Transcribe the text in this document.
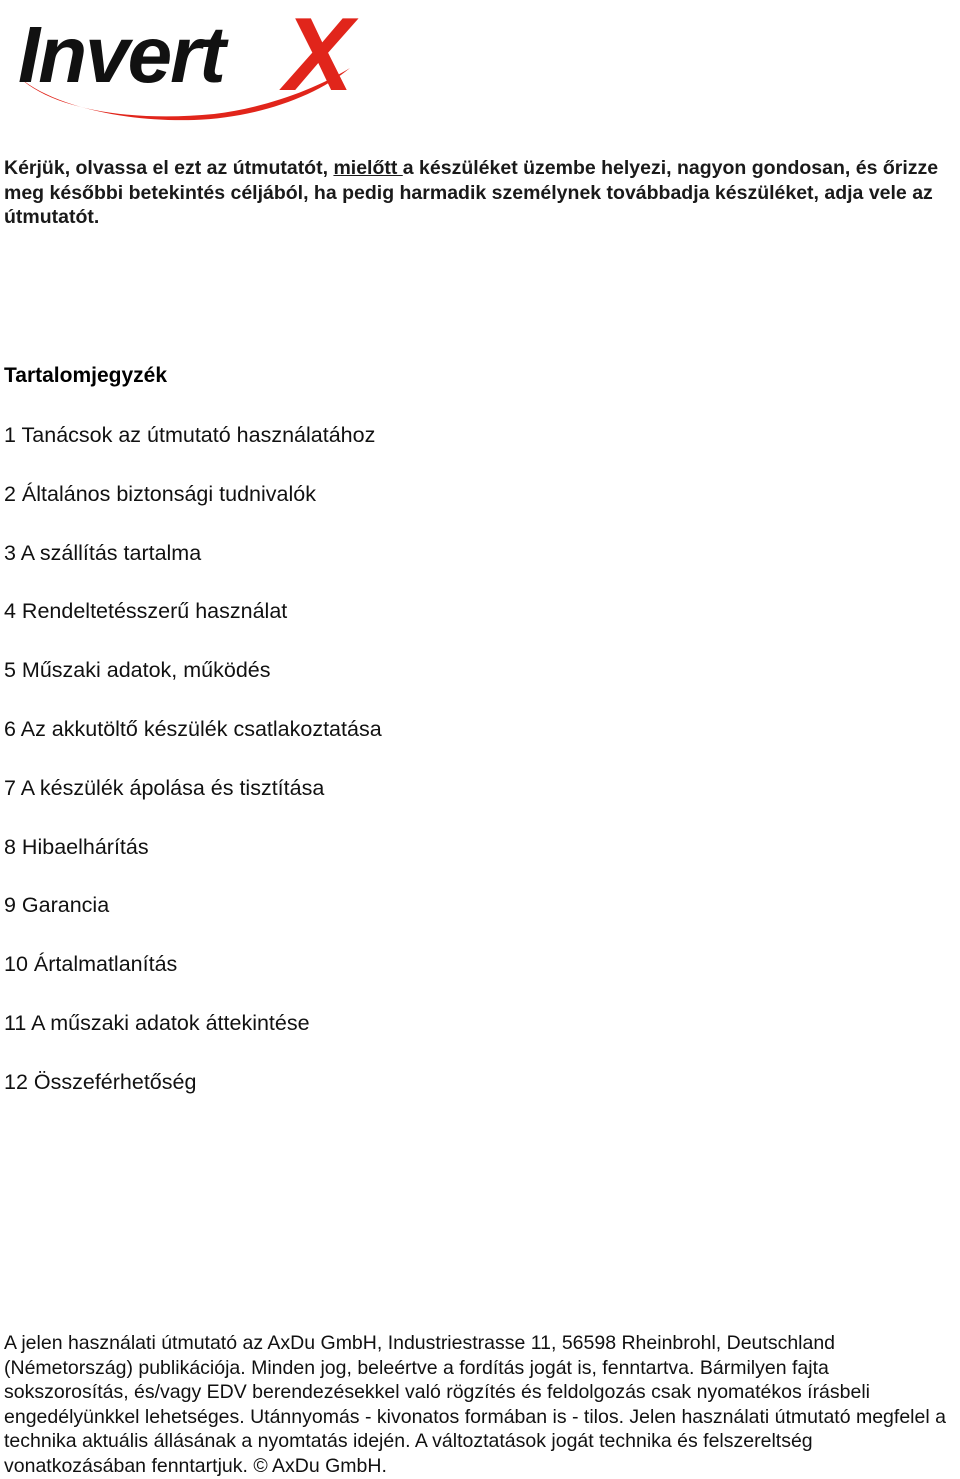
Invert X

Kérjük, olvassa el ezt az útmutatót, mielőtt a készüléket üzembe helyezi, nagyon gondosan, és őrizze meg későbbi betekintés céljából, ha pedig harmadik személynek továbbadja készüléket, adja vele az útmutatót.

Tartalomjegyzék
1 Tanácsok az útmutató használatához
2 Általános biztonsági tudnivalók
3 A szállítás tartalma
4 Rendeltetésszerű használat
5 Műszaki adatok, működés
6 Az akkutöltő készülék csatlakoztatása
7 A készülék ápolása és tisztítása
8 Hibaelhárítás
9 Garancia
10 Ártalmatlanítás
11 A műszaki adatok áttekintése
12 Összeférhetőség

A jelen használati útmutató az AxDu GmbH, Industriestrasse 11, 56598 Rheinbrohl, Deutschland (Németország) publikációja. Minden jog, beleértve a fordítás jogát is, fenntartva. Bármilyen fajta sokszorosítás, és/vagy EDV berendezésekkel való rögzítés és feldolgozás csak nyomatékos írásbeli engedélyünkkel lehetséges. Utánnyomás - kivonatos formában is - tilos. Jelen használati útmutató megfelel a technika aktuális állásának a nyomtatás idején. A változtatások jogát technika és felszereltség vonatkozásában fenntartjuk. © AxDu GmbH.
